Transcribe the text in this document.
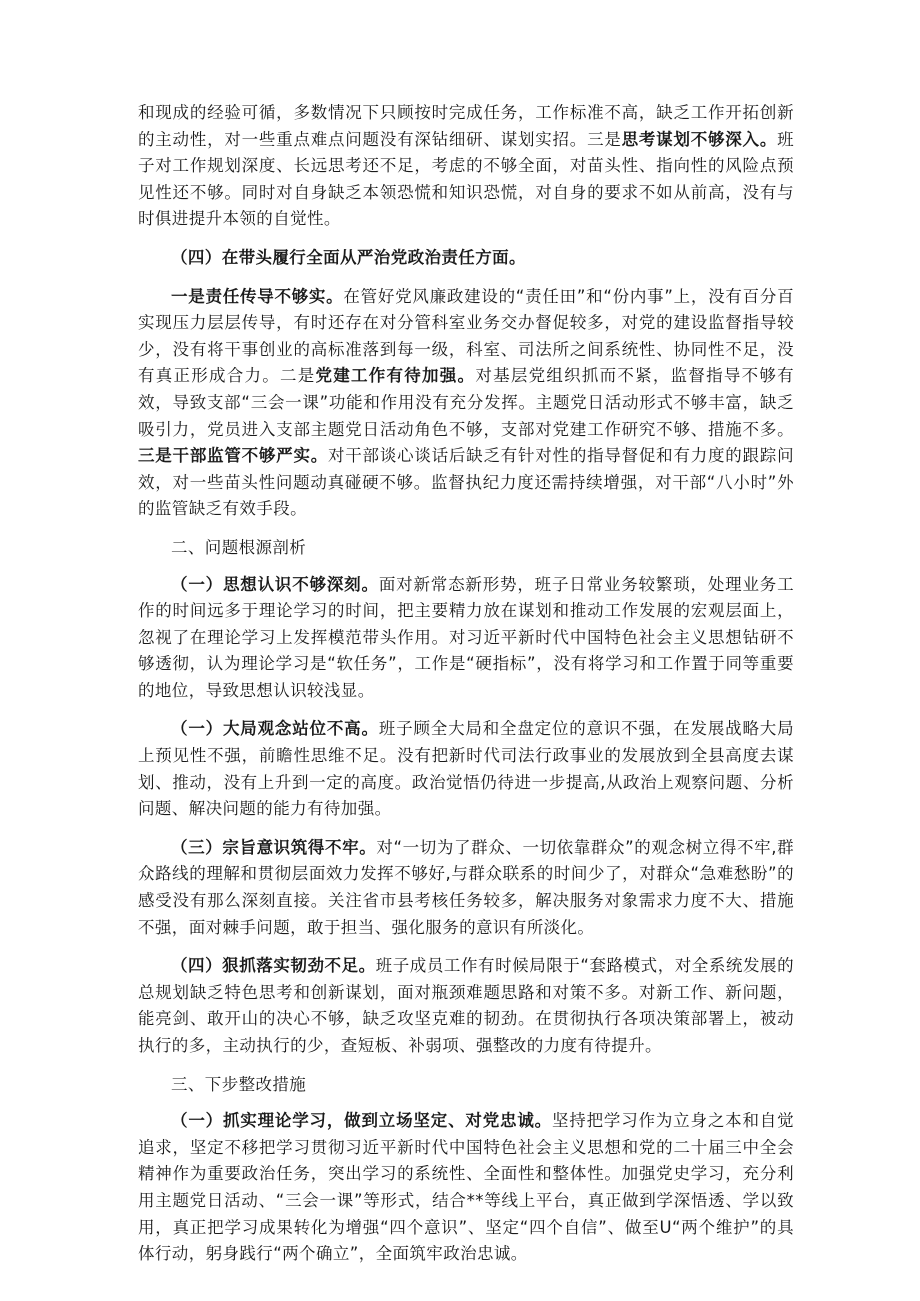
和现成的经验可循，多数情况下只顾按时完成任务，工作标准不高，缺乏工作开拓创新的主动性，对一些重点难点问题没有深钻细研、谋划实招。三是思考谋划不够深入。班子对工作规划深度、长远思考还不足，考虑的不够全面，对苗头性、指向性的风险点预见性还不够。同时对自身缺乏本领恐慌和知识恐慌，对自身的要求不如从前高，没有与时俱进提升本领的自觉性。

（四）在带头履行全面从严治党政治责任方面。

一是责任传导不够实。在管好党风廉政建设的“责任田”和“份内事”上，没有百分百实现压力层层传导，有时还存在对分管科室业务交办督促较多，对党的建设监督指导较少，没有将干事创业的高标准落到每一级，科室、司法所之间系统性、协同性不足，没有真正形成合力。二是党建工作有待加强。对基层党组织抓而不紧，监督指导不够有效，导致支部“三会一课”功能和作用没有充分发挥。主题党日活动形式不够丰富，缺乏吸引力，党员进入支部主题党日活动角色不够，支部对党建工作研究不够、措施不多。三是干部监管不够严实。对干部谈心谈话后缺乏有针对性的指导督促和有力度的跟踪问效，对一些苗头性问题动真碰硬不够。监督执纪力度还需持续增强，对干部“八小时”外的监管缺乏有效手段。

二、问题根源剖析

（一）思想认识不够深刻。面对新常态新形势，班子日常业务较繁琐，处理业务工作的时间远多于理论学习的时间，把主要精力放在谋划和推动工作发展的宏观层面上，忽视了在理论学习上发挥模范带头作用。对习近平新时代中国特色社会主义思想钻研不够透彻，认为理论学习是“软任务”，工作是“硬指标”，没有将学习和工作置于同等重要的地位，导致思想认识较浅显。

（一）大局观念站位不高。班子顾全大局和全盘定位的意识不强，在发展战略大局上预见性不强，前瞻性思维不足。没有把新时代司法行政事业的发展放到全县高度去谋划、推动，没有上升到一定的高度。政治觉悟仍待进一步提高,从政治上观察问题、分析问题、解决问题的能力有待加强。

（三）宗旨意识筑得不牢。对“一切为了群众、一切依靠群众”的观念树立得不牢,群众路线的理解和贯彻层面效力发挥不够好,与群众联系的时间少了，对群众“急难愁盼”的感受没有那么深刻直接。关注省市县考核任务较多，解决服务对象需求力度不大、措施不强，面对棘手问题，敢于担当、强化服务的意识有所淡化。

（四）狠抓落实韧劲不足。班子成员工作有时候局限于“套路模式，对全系统发展的总规划缺乏特色思考和创新谋划，面对瓶颈难题思路和对策不多。对新工作、新问题，能亮剑、敢开山的决心不够，缺乏攻坚克难的韧劲。在贯彻执行各项决策部署上，被动执行的多，主动执行的少，查短板、补弱项、强整改的力度有待提升。

三、下步整改措施

（一）抓实理论学习，做到立场坚定、对党忠诚。坚持把学习作为立身之本和自觉追求，坚定不移把学习贯彻习近平新时代中国特色社会主义思想和党的二十届三中全会精神作为重要政治任务，突出学习的系统性、全面性和整体性。加强党史学习，充分利用主题党日活动、“三会一课”等形式，结合**等线上平台，真正做到学深悟透、学以致用，真正把学习成果转化为增强“四个意识”、坚定“四个自信”、做至U“两个维护”的具体行动，躬身践行“两个确立”，全面筑牢政治忠诚。
